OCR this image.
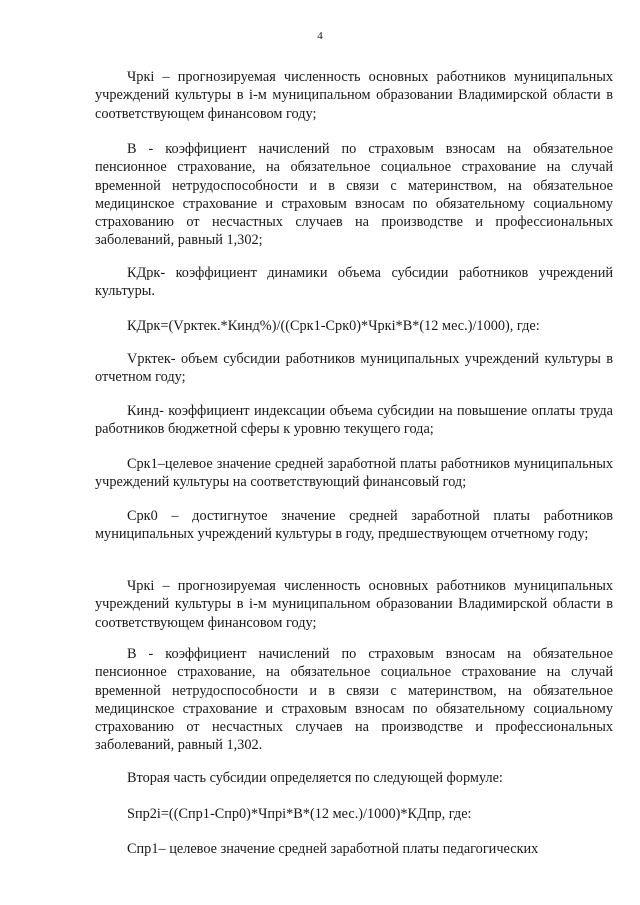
4

Чркі – прогнозируемая численность основных работников муниципальных учреждений культуры в і-м муниципальном образовании Владимирской области в соответствующем финансовом году;

В - коэффициент начислений по страховым взносам на обязательное пенсионное страхование, на обязательное социальное страхование на случай временной нетрудоспособности и в связи с материнством, на обязательное медицинское страхование и страховым взносам по обязательному социальному страхованию от несчастных случаев на производстве и профессиональных заболеваний, равный 1,302;

КДрк- коэффициент динамики объема субсидии работников учреждений культуры.

КДрк=(Vрктек.*Кинд%)/((Срк1-Срк0)*Чркі*В*(12 мес.)/1000), где:

Vрктек- объем субсидии работников муниципальных учреждений культуры в отчетном году;

Кинд- коэффициент индексации объема субсидии на повышение оплаты труда работников бюджетной сферы к уровню текущего года;

Срк1–целевое значение средней заработной платы работников муниципальных учреждений культуры на соответствующий финансовый год;

Срк0 – достигнутое значение средней заработной платы работников муниципальных учреждений культуры в году, предшествующем отчетному году;

Чркі – прогнозируемая численность основных работников муниципальных учреждений культуры в і-м муниципальном образовании Владимирской области в соответствующем финансовом году;

В - коэффициент начислений по страховым взносам на обязательное пенсионное страхование, на обязательное социальное страхование на случай временной нетрудоспособности и в связи с материнством, на обязательное медицинское страхование и страховым взносам по обязательному социальному страхованию от несчастных случаев на производстве и профессиональных заболеваний, равный 1,302.

Вторая часть субсидии определяется по следующей формуле:

Sпр2і=((Спр1-Спр0)*Чпрі*В*(12 мес.)/1000)*КДпр, где:

Спр1– целевое значение средней заработной платы педагогических
